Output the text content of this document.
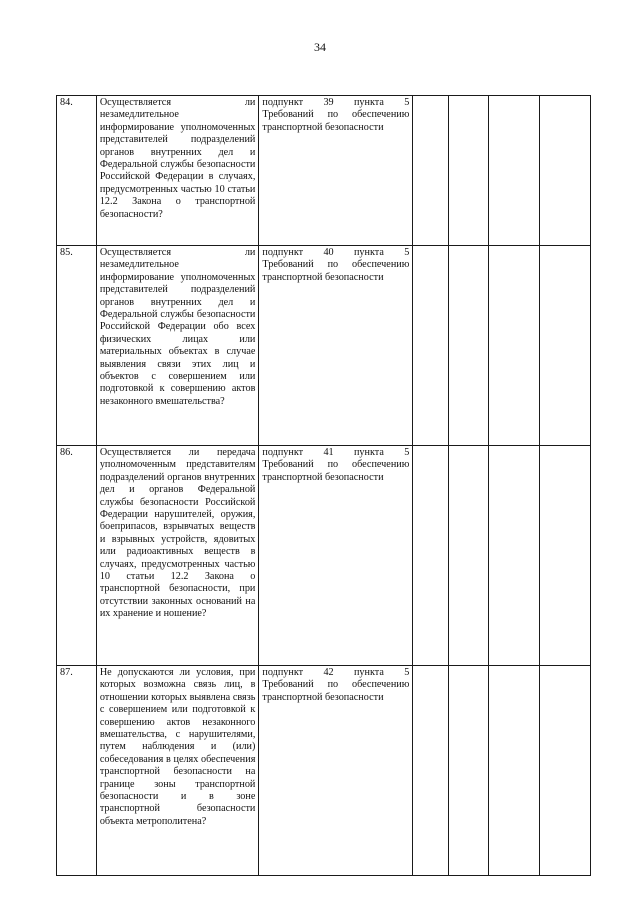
34
84.	Осуществляется ли незамедлительное информирование уполномоченных представителей подразделений органов внутренних дел и Федеральной службы безопасности Российской Федерации в случаях, предусмотренных частью 10 статьи 12.2 Закона о транспортной безопасности?	подпункт 39 пункта 5 Требований по обеспечению транспортной безопасности				

85.	Осуществляется ли незамедлительное информирование уполномоченных представителей подразделений органов внутренних дел и Федеральной службы безопасности Российской Федерации обо всех физических лицах или материальных объектах в случае выявления связи этих лиц и объектов с совершением или подготовкой к совершению актов незаконного вмешательства?	подпункт 40 пункта 5 Требований по обеспечению транспортной безопасности				

86.	Осуществляется ли передача уполномоченным представителям подразделений органов внутренних дел и органов Федеральной службы безопасности Российской Федерации нарушителей, оружия, боеприпасов, взрывчатых веществ и взрывных устройств, ядовитых или радиоактивных веществ в случаях, предусмотренных частью 10 статьи 12.2 Закона о транспортной безопасности, при отсутствии законных оснований на их хранение и ношение?	подпункт 41 пункта 5 Требований по обеспечению транспортной безопасности				

87.	Не допускаются ли условия, при которых возможна связь лиц, в отношении которых выявлена связь с совершением или подготовкой к совершению актов незаконного вмешательства, с нарушителями, путем наблюдения и (или) собеседования в целях обеспечения транспортной безопасности на границе зоны транспортной безопасности и в зоне транспортной безопасности объекта метрополитена?	подпункт 42 пункта 5 Требований по обеспечению транспортной безопасности				
